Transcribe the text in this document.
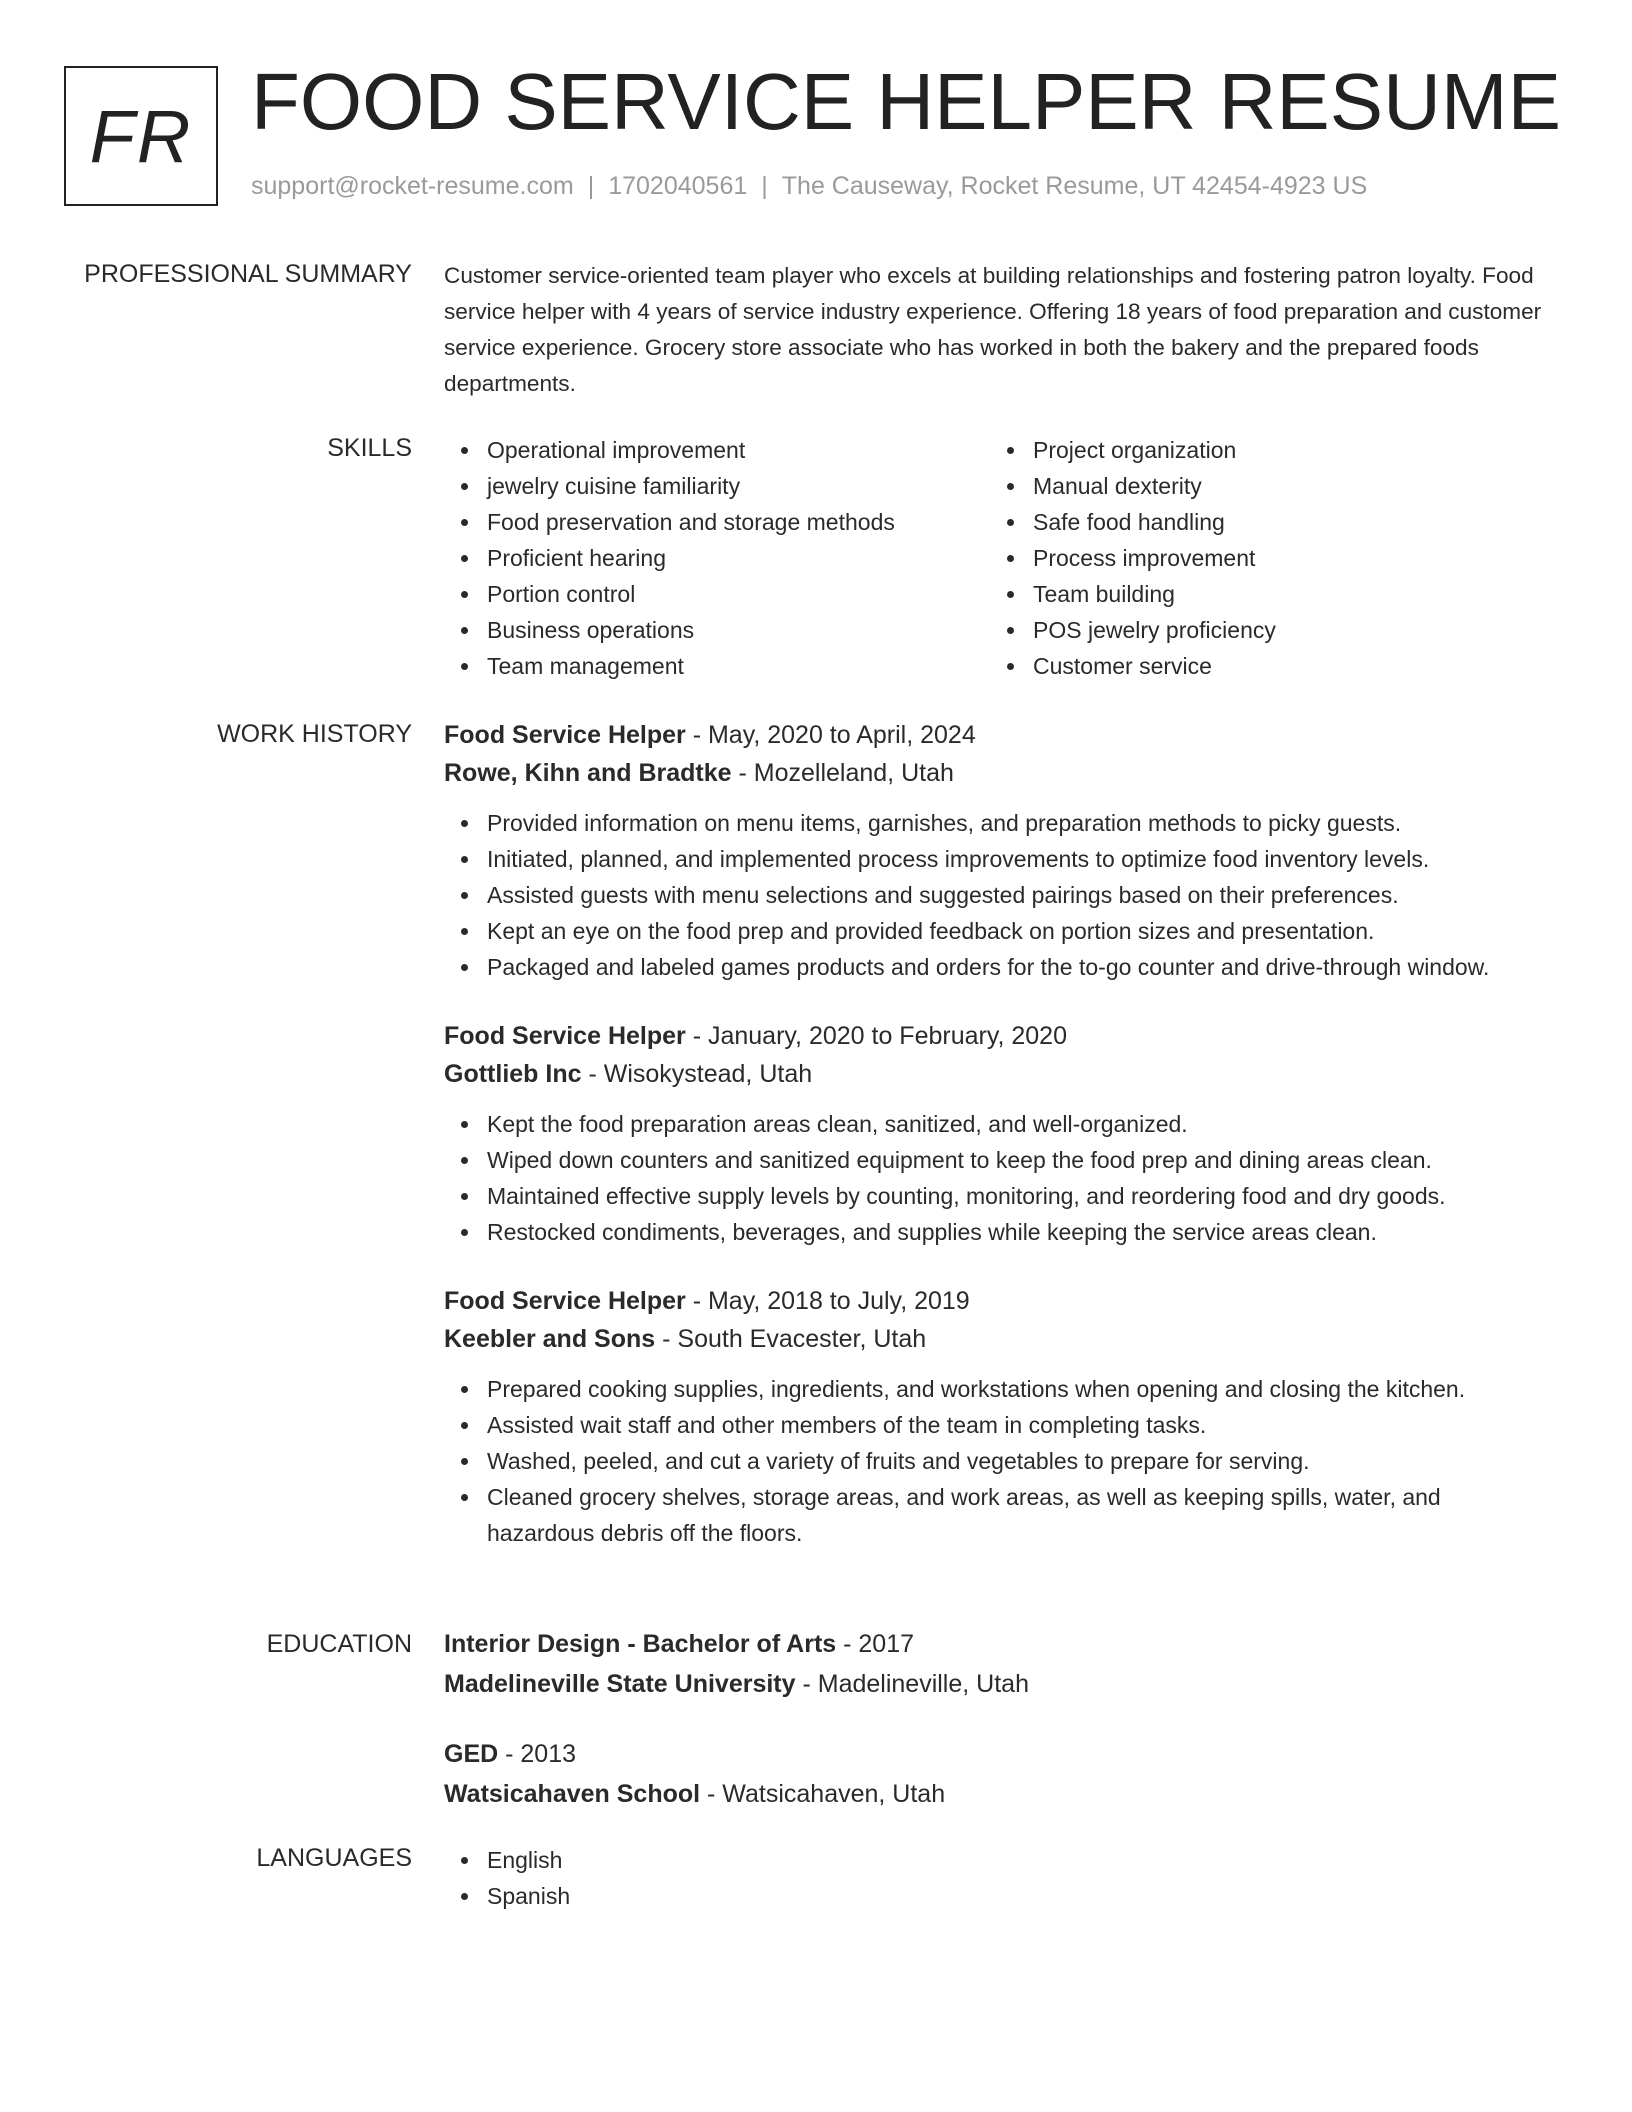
FR FOOD SERVICE HELPER RESUME
support@rocket-resume.com | 1702040561 | The Causeway, Rocket Resume, UT 42454-4923 US
PROFESSIONAL SUMMARY Customer service-oriented team player who excels at building relationships and fostering patron loyalty. Food service helper with 4 years of service industry experience. Offering 18 years of food preparation and customer service experience. Grocery store associate who has worked in both the bakery and the prepared foods departments.

SKILLS	Operational improvement
jewelry cuisine familiarity
Food preservation and storage methods
Proficient hearing
Portion control
Business operations
Team management
Project organization
Manual dexterity
Safe food handling
Process improvement
Team building
POS jewelry proficiency
Customer service
WORK HISTORY Food Service Helper - May, 2020 to April, 2024
Rowe, Kihn and Bradtke - Mozelleland, Utah
Provided information on menu items, garnishes, and preparation methods to picky guests.
Initiated, planned, and implemented process improvements to optimize food inventory levels.
Assisted guests with menu selections and suggested pairings based on their preferences.
Kept an eye on the food prep and provided feedback on portion sizes and presentation.
Packaged and labeled games products and orders for the to-go counter and drive-through window.
Food Service Helper - January, 2020 to February, 2020
Gottlieb Inc - Wisokystead, Utah
Kept the food preparation areas clean, sanitized, and well-organized.
Wiped down counters and sanitized equipment to keep the food prep and dining areas clean.
Maintained effective supply levels by counting, monitoring, and reordering food and dry goods.
Restocked condiments, beverages, and supplies while keeping the service areas clean.
Food Service Helper - May, 2018 to July, 2019
Keebler and Sons - South Evacester, Utah
Prepared cooking supplies, ingredients, and workstations when opening and closing the kitchen.
Assisted wait staff and other members of the team in completing tasks.
Washed, peeled, and cut a variety of fruits and vegetables to prepare for serving.
Cleaned grocery shelves, storage areas, and work areas, as well as keeping spills, water, and hazardous debris off the floors.
EDUCATION Interior Design - Bachelor of Arts - 2017
Madelineville State University - Madelineville, Utah
GED - 2013
Watsicahaven School - Watsicahaven, Utah
LANGUAGES	English
Spanish
